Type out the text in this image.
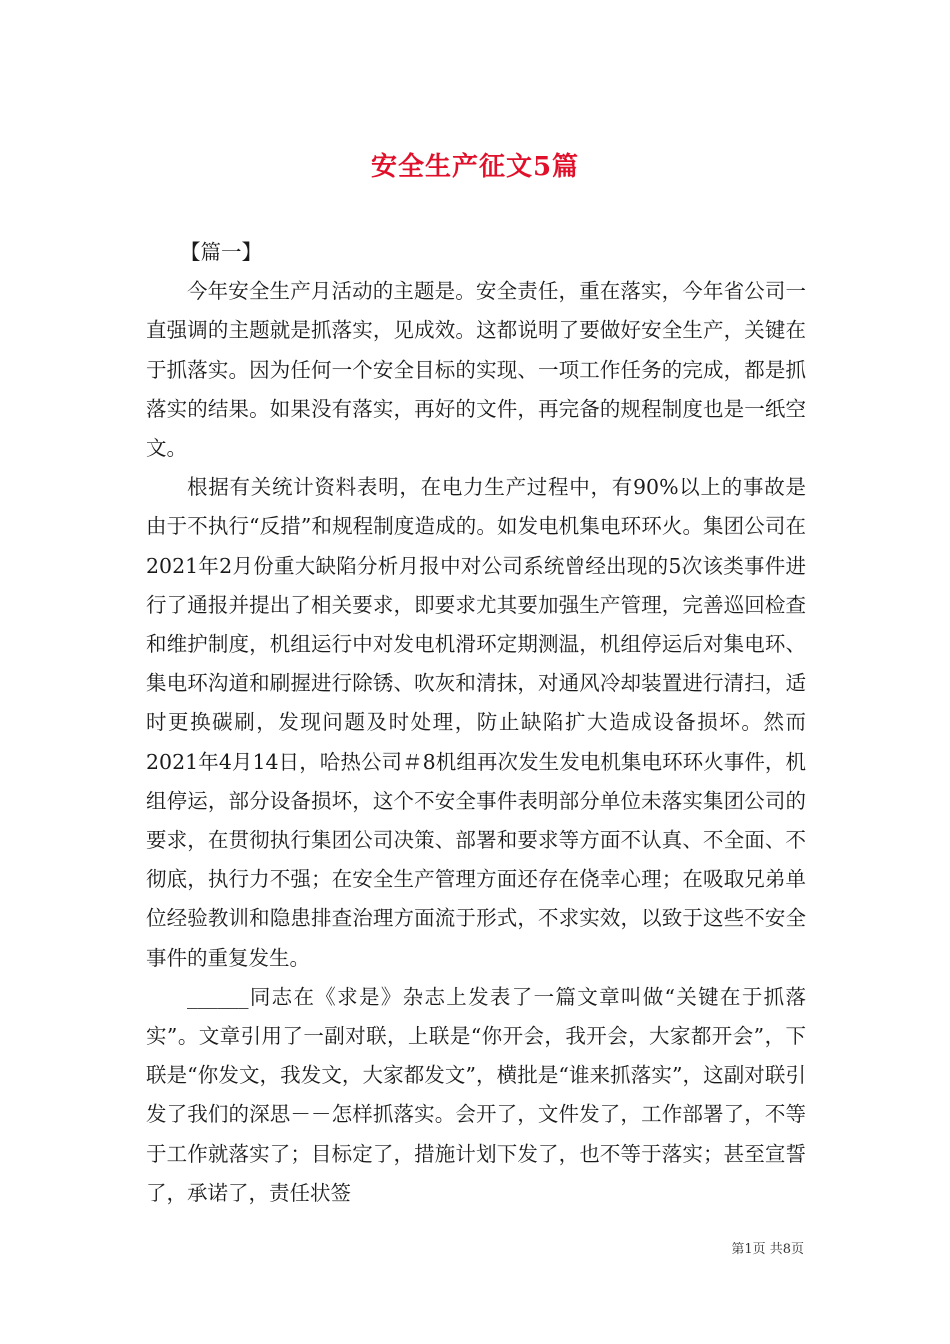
安全生产征文5篇

【篇一】

今年安全生产月活动的主题是。安全责任，重在落实，今年省公司一直强调的主题就是抓落实，见成效。这都说明了要做好安全生产，关键在于抓落实。因为任何一个安全目标的实现、一项工作任务的完成，都是抓落实的结果。如果没有落实，再好的文件，再完备的规程制度也是一纸空文。

根据有关统计资料表明，在电力生产过程中，有90%以上的事故是由于不执行“反措”和规程制度造成的。如发电机集电环环火。集团公司在2021年2月份重大缺陷分析月报中对公司系统曾经出现的5次该类事件进行了通报并提出了相关要求，即要求尤其要加强生产管理，完善巡回检查和维护制度，机组运行中对发电机滑环定期测温，机组停运后对集电环、集电环沟道和刷握进行除锈、吹灰和清抹，对通风冷却装置进行清扫，适时更换碳刷，发现问题及时处理，防止缺陷扩大造成设备损坏。然而2021年4月14日，哈热公司＃8机组再次发生发电机集电环环火事件，机组停运，部分设备损坏，这个不安全事件表明部分单位未落实集团公司的要求，在贯彻执行集团公司决策、部署和要求等方面不认真、不全面、不彻底，执行力不强；在安全生产管理方面还存在侥幸心理；在吸取兄弟单位经验教训和隐患排查治理方面流于形式，不求实效，以致于这些不安全事件的重复发生。

______同志在《求是》杂志上发表了一篇文章叫做“关键在于抓落实”。文章引用了一副对联，上联是“你开会，我开会，大家都开会”，下联是“你发文，我发文，大家都发文”，横批是“谁来抓落实”，这副对联引发了我们的深思－－怎样抓落实。会开了，文件发了，工作部署了，不等于工作就落实了；目标定了，措施计划下发了，也不等于落实；甚至宣誓了，承诺了，责任状签

第1页 共8页
